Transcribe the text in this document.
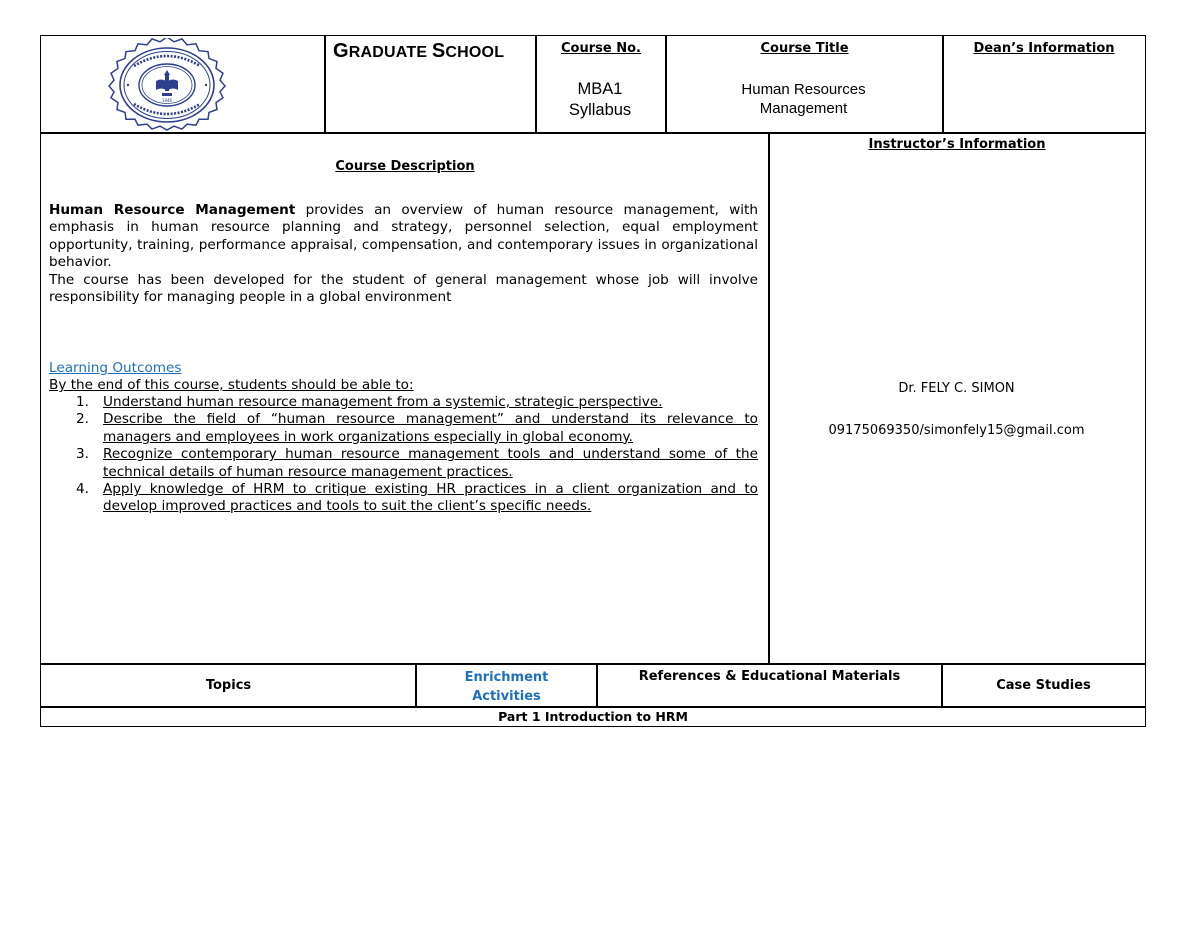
1946
GRADUATE SCHOOL	Course No.
MBA1
Syllabus
Course Title
Human Resources
Management
Dean’s Information
Course Description

Human Resource Management provides an overview of human resource management, with emphasis in human resource planning and strategy, personnel selection, equal employment opportunity, training, performance appraisal, compensation, and contemporary issues in organizational behavior.

The course has been developed for the student of general management whose job will involve responsibility for managing people in a global environment

Learning Outcomes
By the end of this course, students should be able to:
1. Understand human resource management from a systemic, strategic perspective.
2. Describe the field of “human resource management” and understand its relevance to managers and employees in work organizations especially in global economy.
3. Recognize contemporary human resource management tools and understand some of the technical details of human resource management practices.
4. Apply knowledge of HRM to critique existing HR practices in a client organization and to develop improved practices and tools to suit the client’s specific needs.
Instructor’s Information
Dr. FELY C. SIMON
09175069350/simonfely15@gmail.com
Topics
Enrichment
Activities
References & Educational Materials
Case Studies
Part 1 Introduction to HRM
